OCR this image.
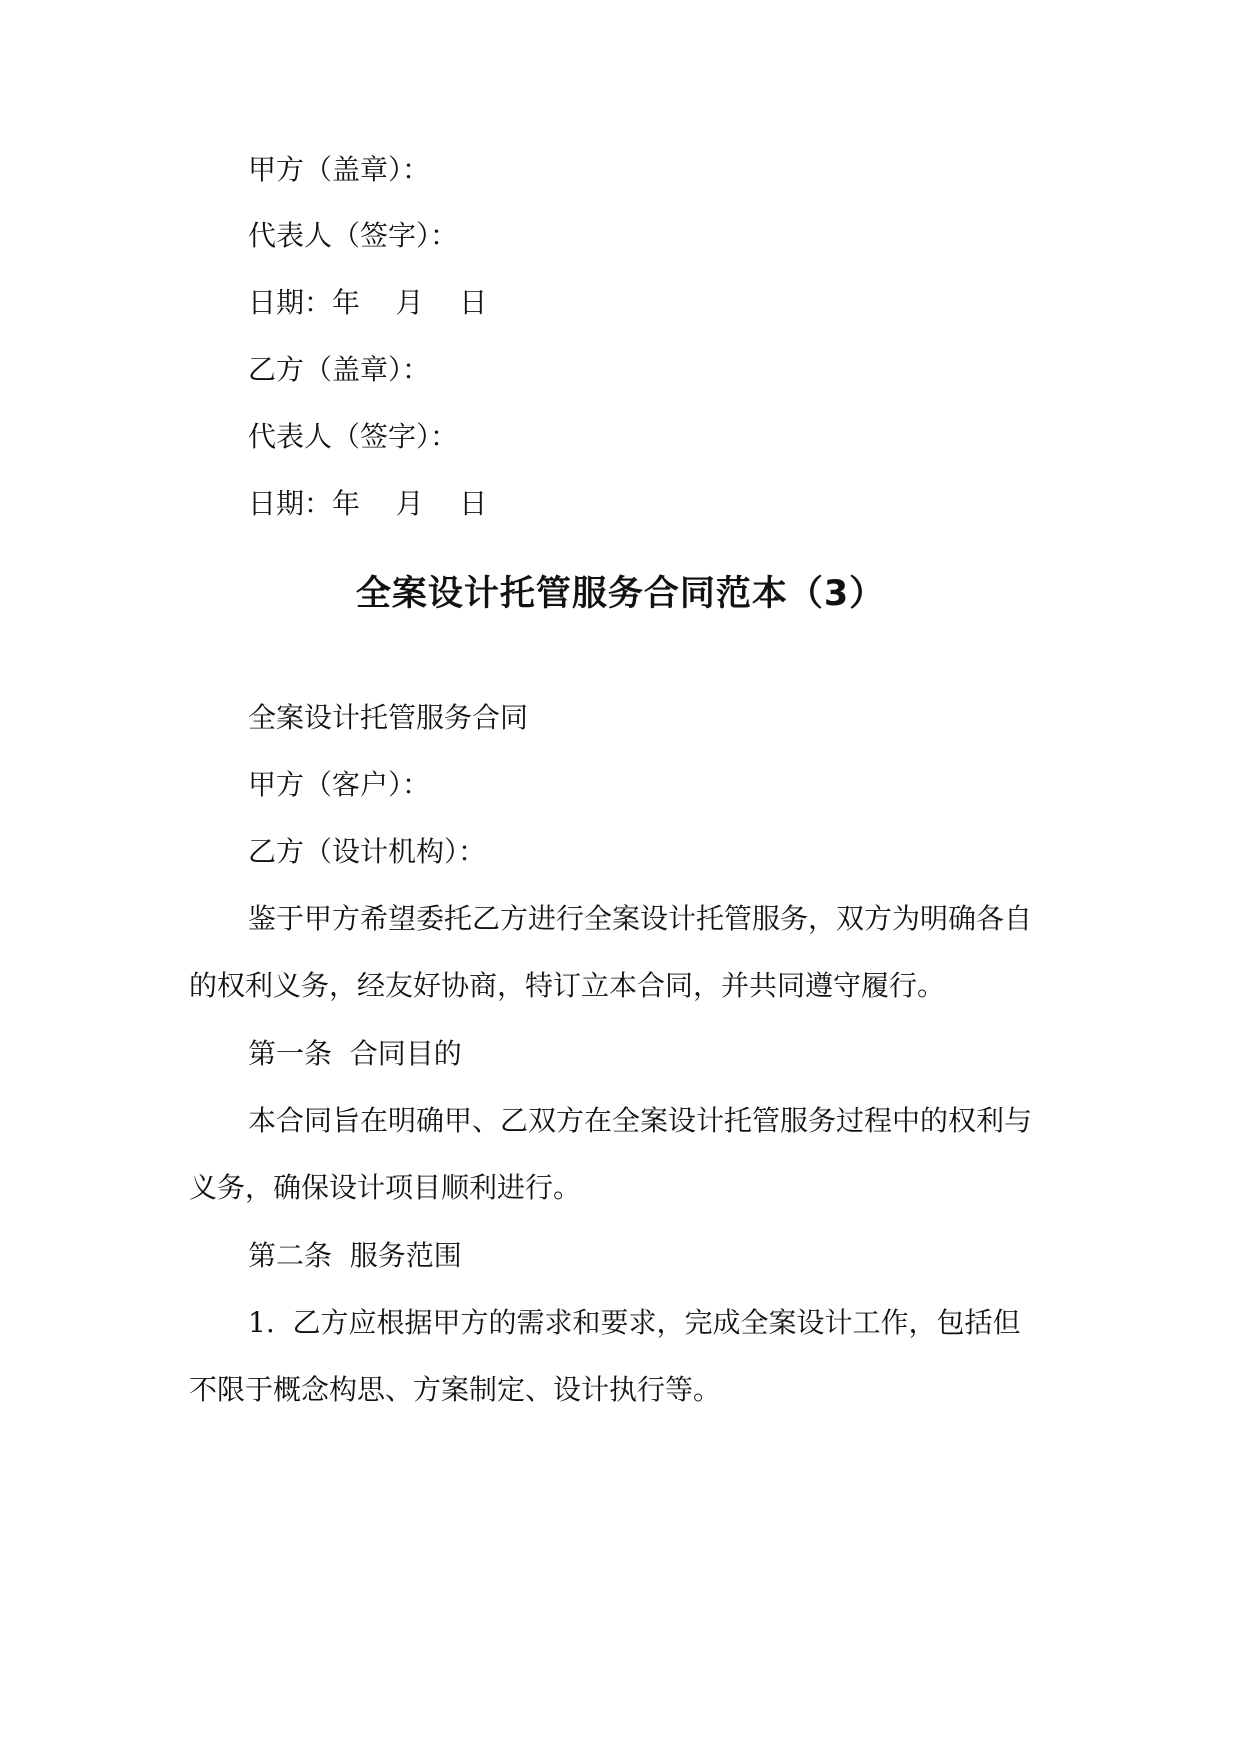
甲方（盖章）：
代表人（签字）：
日期：年    月    日
乙方（盖章）：
代表人（签字）：
日期：年    月    日
全案设计托管服务合同范本（3）
全案设计托管服务合同
甲方（客户）：
乙方（设计机构）：
鉴于甲方希望委托乙方进行全案设计托管服务，双方为明确各自
的权利义务，经友好协商，特订立本合同，并共同遵守履行。
第一条  合同目的
本合同旨在明确甲、乙双方在全案设计托管服务过程中的权利与
义务，确保设计项目顺利进行。
第二条  服务范围
1.  乙方应根据甲方的需求和要求，完成全案设计工作，包括但
不限于概念构思、方案制定、设计执行等。
